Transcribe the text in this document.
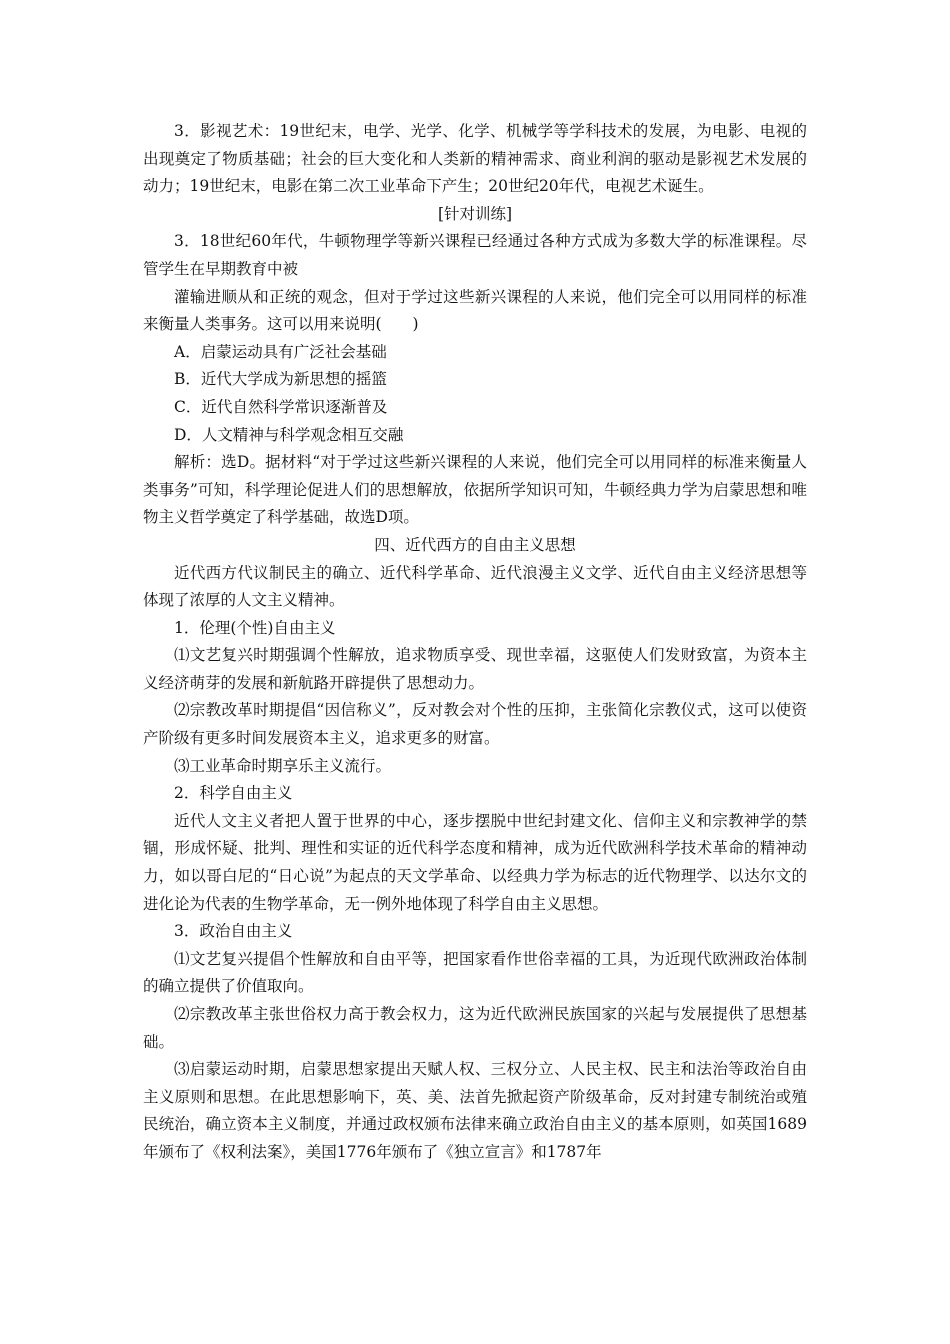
3．影视艺术：19世纪末，电学、光学、化学、机械学等学科技术的发展，为电影、电视的出现奠定了物质基础；社会的巨大变化和人类新的精神需求、商业利润的驱动是影视艺术发展的动力；19世纪末，电影在第二次工业革命下产生；20世纪20年代，电视艺术诞生。

[针对训练]

3．18世纪60年代，牛顿物理学等新兴课程已经通过各种方式成为多数大学的标准课程。尽管学生在早期教育中被

灌输进顺从和正统的观念，但对于学过这些新兴课程的人来说，他们完全可以用同样的标准来衡量人类事务。这可以用来说明(　　)

A．启蒙运动具有广泛社会基础

B．近代大学成为新思想的摇篮

C．近代自然科学常识逐渐普及

D．人文精神与科学观念相互交融

解析：选D。据材料“对于学过这些新兴课程的人来说，他们完全可以用同样的标准来衡量人类事务”可知，科学理论促进人们的思想解放，依据所学知识可知，牛顿经典力学为启蒙思想和唯物主义哲学奠定了科学基础，故选D项。

四、近代西方的自由主义思想

近代西方代议制民主的确立、近代科学革命、近代浪漫主义文学、近代自由主义经济思想等体现了浓厚的人文主义精神。

1．伦理(个性)自由主义

⑴文艺复兴时期强调个性解放，追求物质享受、现世幸福，这驱使人们发财致富，为资本主义经济萌芽的发展和新航路开辟提供了思想动力。

⑵宗教改革时期提倡“因信称义”，反对教会对个性的压抑，主张简化宗教仪式，这可以使资产阶级有更多时间发展资本主义，追求更多的财富。

⑶工业革命时期享乐主义流行。

2．科学自由主义

近代人文主义者把人置于世界的中心，逐步摆脱中世纪封建文化、信仰主义和宗教神学的禁锢，形成怀疑、批判、理性和实证的近代科学态度和精神，成为近代欧洲科学技术革命的精神动力，如以哥白尼的“日心说”为起点的天文学革命、以经典力学为标志的近代物理学、以达尔文的进化论为代表的生物学革命，无一例外地体现了科学自由主义思想。

3．政治自由主义

⑴文艺复兴提倡个性解放和自由平等，把国家看作世俗幸福的工具，为近现代欧洲政治体制的确立提供了价值取向。

⑵宗教改革主张世俗权力高于教会权力，这为近代欧洲民族国家的兴起与发展提供了思想基础。

⑶启蒙运动时期，启蒙思想家提出天赋人权、三权分立、人民主权、民主和法治等政治自由主义原则和思想。在此思想影响下，英、美、法首先掀起资产阶级革命，反对封建专制统治或殖民统治，确立资本主义制度，并通过政权颁布法律来确立政治自由主义的基本原则，如英国1689年颁布了《权利法案》，美国1776年颁布了《独立宣言》和1787年
